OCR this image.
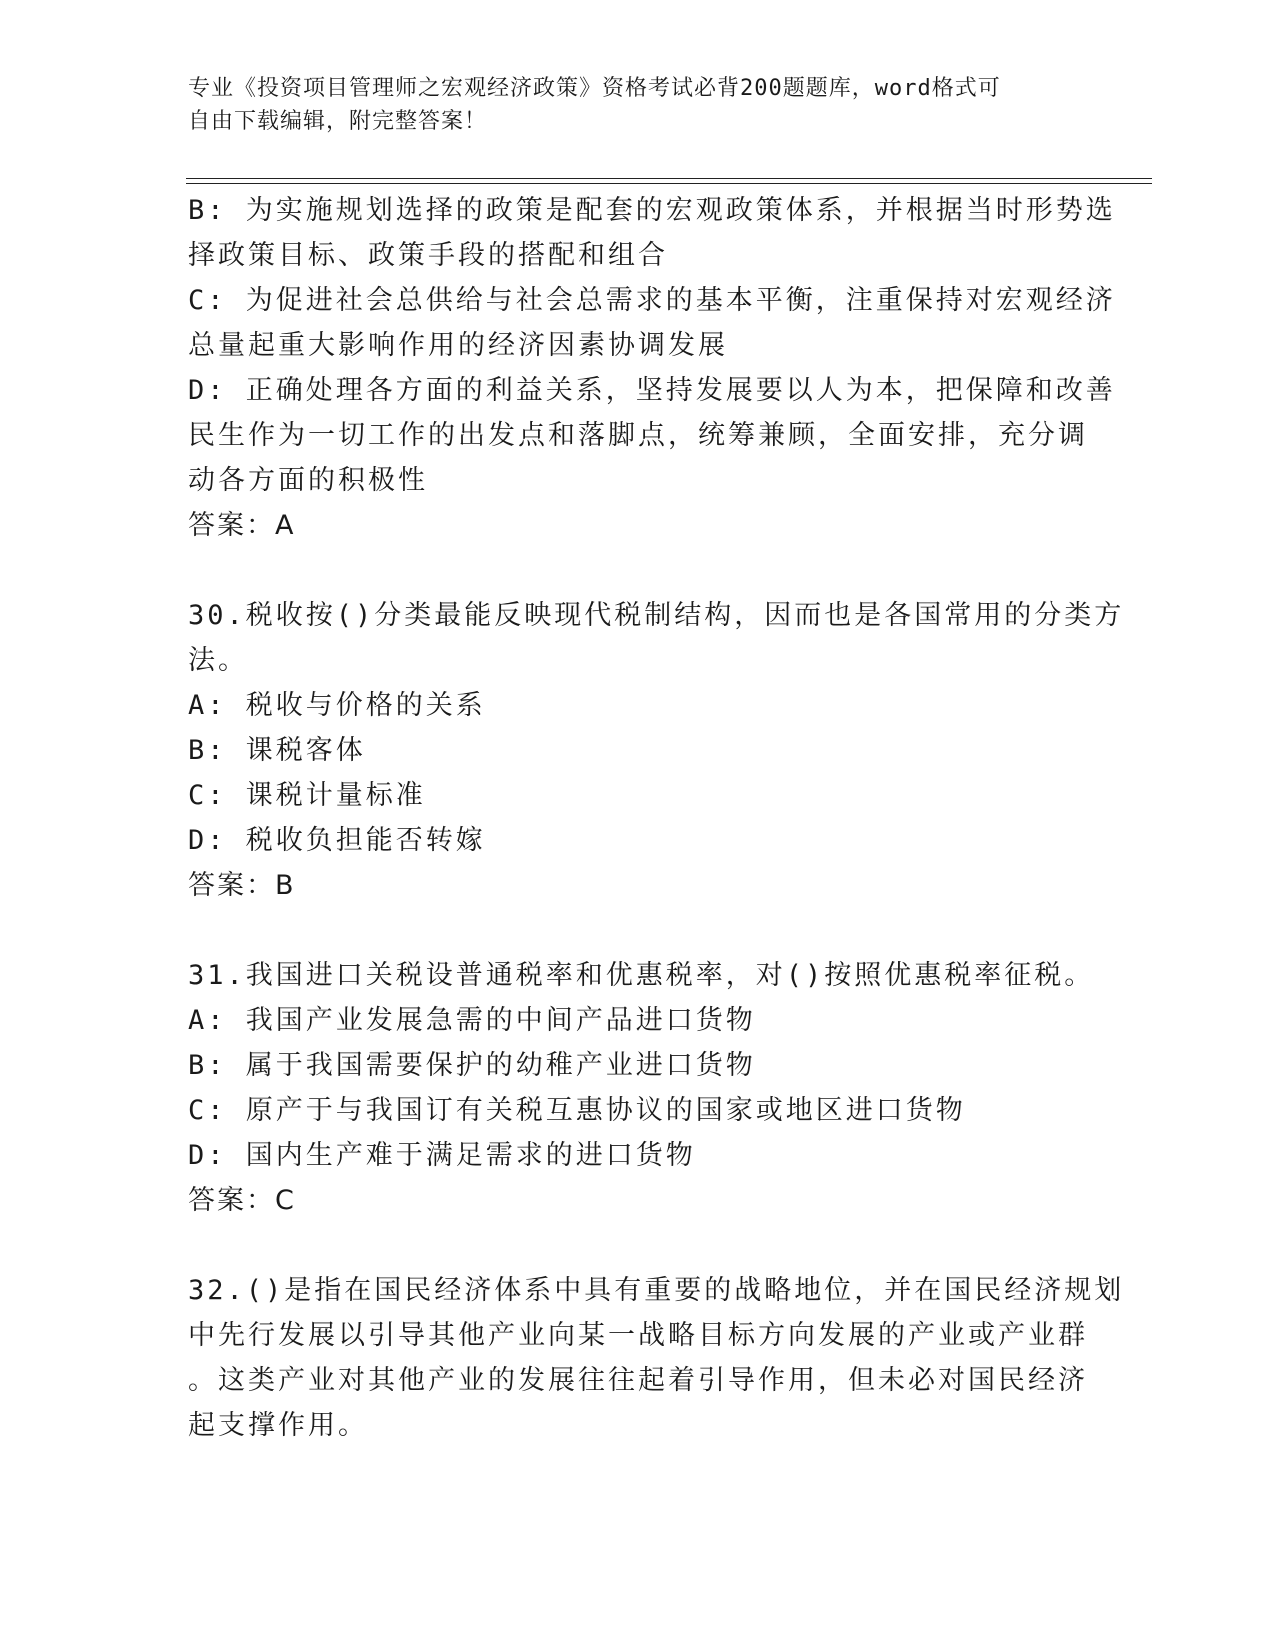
专业《投资项目管理师之宏观经济政策》资格考试必背200题题库，word格式可
自由下载编辑，附完整答案！
B: 为实施规划选择的政策是配套的宏观政策体系，并根据当时形势选
择政策目标、政策手段的搭配和组合
C: 为促进社会总供给与社会总需求的基本平衡，注重保持对宏观经济
总量起重大影响作用的经济因素协调发展
D: 正确处理各方面的利益关系，坚持发展要以人为本，把保障和改善
民生作为一切工作的出发点和落脚点，统筹兼顾，全面安排，充分调
动各方面的积极性
答案：A
30.税收按()分类最能反映现代税制结构，因而也是各国常用的分类方
法。
A: 税收与价格的关系
B: 课税客体
C: 课税计量标准
D: 税收负担能否转嫁
答案：B
31.我国进口关税设普通税率和优惠税率，对()按照优惠税率征税。
A: 我国产业发展急需的中间产品进口货物
B: 属于我国需要保护的幼稚产业进口货物
C: 原产于与我国订有关税互惠协议的国家或地区进口货物
D: 国内生产难于满足需求的进口货物
答案：C
32.()是指在国民经济体系中具有重要的战略地位，并在国民经济规划
中先行发展以引导其他产业向某一战略目标方向发展的产业或产业群
。这类产业对其他产业的发展往往起着引导作用，但未必对国民经济
起支撑作用。
